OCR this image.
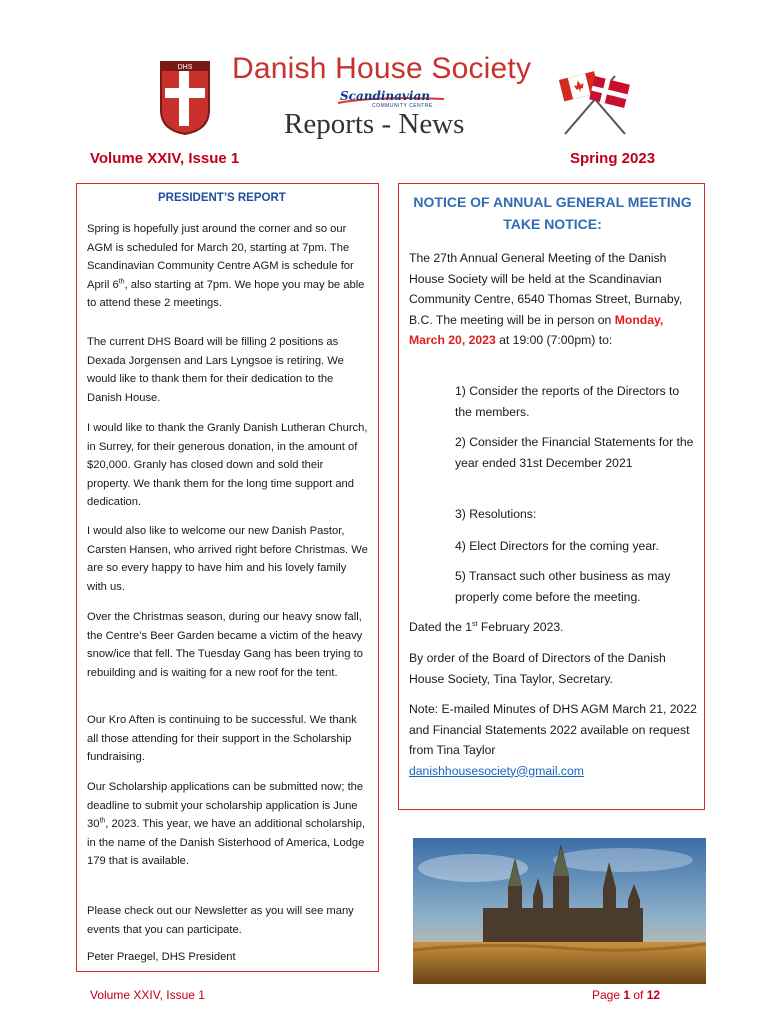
DHS Danish House Society
Scandinavian
COMMUNITY CENTRE
Reports - News
Volume XXIV, Issue 1	Spring 2023
PRESIDENT’S REPORT

Spring is hopefully just around the corner and so our AGM is scheduled for March 20, starting at 7pm. The Scandinavian Community Centre AGM is schedule for April 6th, also starting at 7pm. We hope you may be able to attend these 2 meetings.

The current DHS Board will be filling 2 positions as Dexada Jorgensen and Lars Lyngsoe is retiring. We would like to thank them for their dedication to the Danish House.

I would like to thank the Granly Danish Lutheran Church, in Surrey, for their generous donation, in the amount of $20,000. Granly has closed down and sold their property. We thank them for the long time support and dedication.

I would also like to welcome our new Danish Pastor, Carsten Hansen, who arrived right before Christmas. We are so every happy to have him and his lovely family with us.

Over the Christmas season, during our heavy snow fall, the Centre’s Beer Garden became a victim of the heavy snow/ice that fell. The Tuesday Gang has been trying to rebuilding and is waiting for a new roof for the tent.

Our Kro Aften is continuing to be successful. We thank all those attending for their support in the Scholarship fundraising.

Our Scholarship applications can be submitted now; the deadline to submit your scholarship application is June 30th, 2023. This year, we have an additional scholarship, in the name of the Danish Sisterhood of America, Lodge 179 that is available.

Please check out our Newsletter as you will see many events that you can participate.

Peter Praegel, DHS President

NOTICE OF ANNUAL GENERAL MEETING TAKE NOTICE:

The 27th Annual General Meeting of the Danish House Society will be held at the Scandinavian Community Centre, 6540 Thomas Street, Burnaby, B.C. The meeting will be in person on Monday, March 20, 2023 at 19:00 (7:00pm) to:

1) Consider the reports of the Directors to the members.

2) Consider the Financial Statements for the year ended 31st December 2021

3) Resolutions:

4) Elect Directors for the coming year.

5) Transact such other business as may properly come before the meeting.

Dated the 1st February 2023.

By order of the Board of Directors of the Danish House Society, Tina Taylor, Secretary.

Note: E-mailed Minutes of DHS AGM March 21, 2022 and Financial Statements 2022 available on request from Tina Taylor
danishhousesociety@gmail.com

Volume XXIV, Issue 1	Page 1 of 12
